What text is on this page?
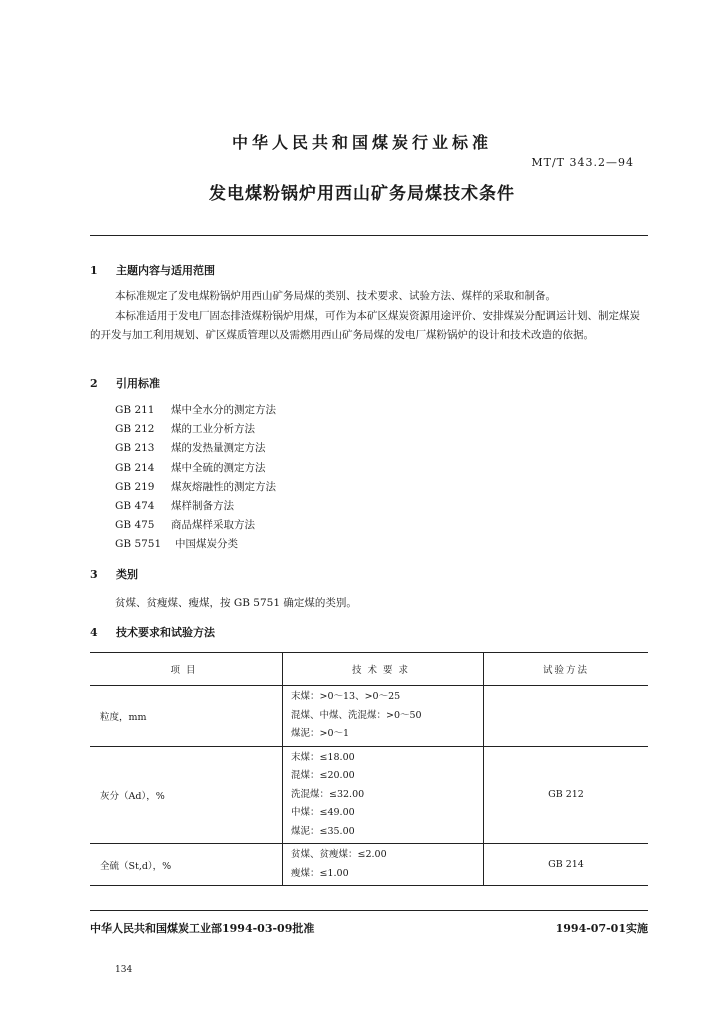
中华人民共和国煤炭行业标准
MT/T 343.2—94
发电煤粉锅炉用西山矿务局煤技术条件
1 主题内容与适用范围

本标准规定了发电煤粉锅炉用西山矿务局煤的类别、技术要求、试验方法、煤样的采取和制备。

本标准适用于发电厂固态排渣煤粉锅炉用煤，可作为本矿区煤炭资源用途评价、安排煤炭分配调运计划、制定煤炭的开发与加工利用规划、矿区煤质管理以及需燃用西山矿务局煤的发电厂煤粉锅炉的设计和技术改造的依据。

2 引用标准
GB 211 煤中全水分的测定方法
GB 212 煤的工业分析方法
GB 213 煤的发热量测定方法
GB 214 煤中全硫的测定方法
GB 219 煤灰熔融性的测定方法
GB 474 煤样制备方法
GB 475 商品煤样采取方法
GB 5751 中国煤炭分类
3 类别
贫煤、贫瘦煤、瘦煤，按 GB 5751 确定煤的类别。
4 技术要求和试验方法
项目	技术要求	试验方法
粒度，mm	末煤：>0～13、>0～25
混煤、中煤、洗混煤：>0～50
煤泥：>0～1	

灰分（Ad），%	末煤：≤18.00
混煤：≤20.00
洗混煤：≤32.00
中煤：≤49.00
煤泥：≤35.00	GB 212
全硫（St,d），%	贫煤、贫瘦煤：≤2.00
瘦煤：≤1.00	GB 214
中华人民共和国煤炭工业部1994-03-09批准	1994-07-01实施
134
